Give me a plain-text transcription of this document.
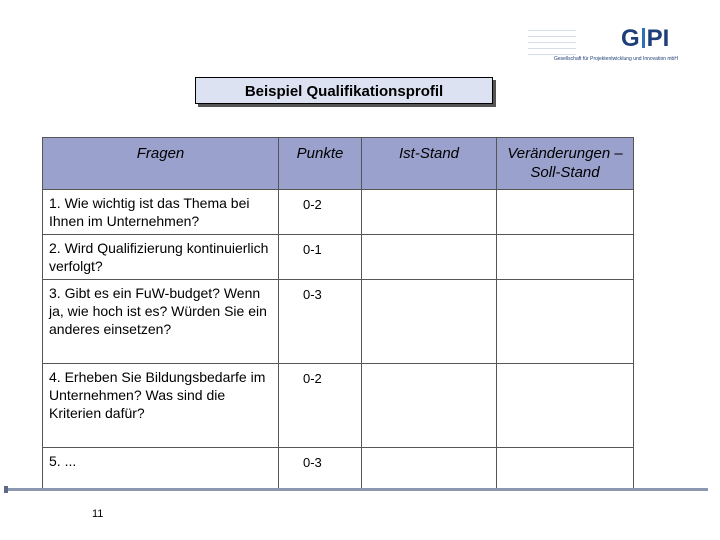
G PI
Gesellschaft für Projektentwicklung und Innovation mbH
Beispiel Qualifikationsprofil
Fragen	Punkte	Ist-Stand	Veränderungen – Soll-Stand
1. Wie wichtig ist das Thema bei Ihnen im Unternehmen?	0-2		
2. Wird Qualifizierung kontinuierlich verfolgt?	0-1		
3. Gibt es ein FuW-budget? Wenn ja, wie hoch ist es? Würden Sie ein anderes einsetzen?	0-3		
4. Erheben Sie Bildungsbedarfe im Unternehmen? Was sind die Kriterien dafür?	0-2		
5. ...	0-3		
11
